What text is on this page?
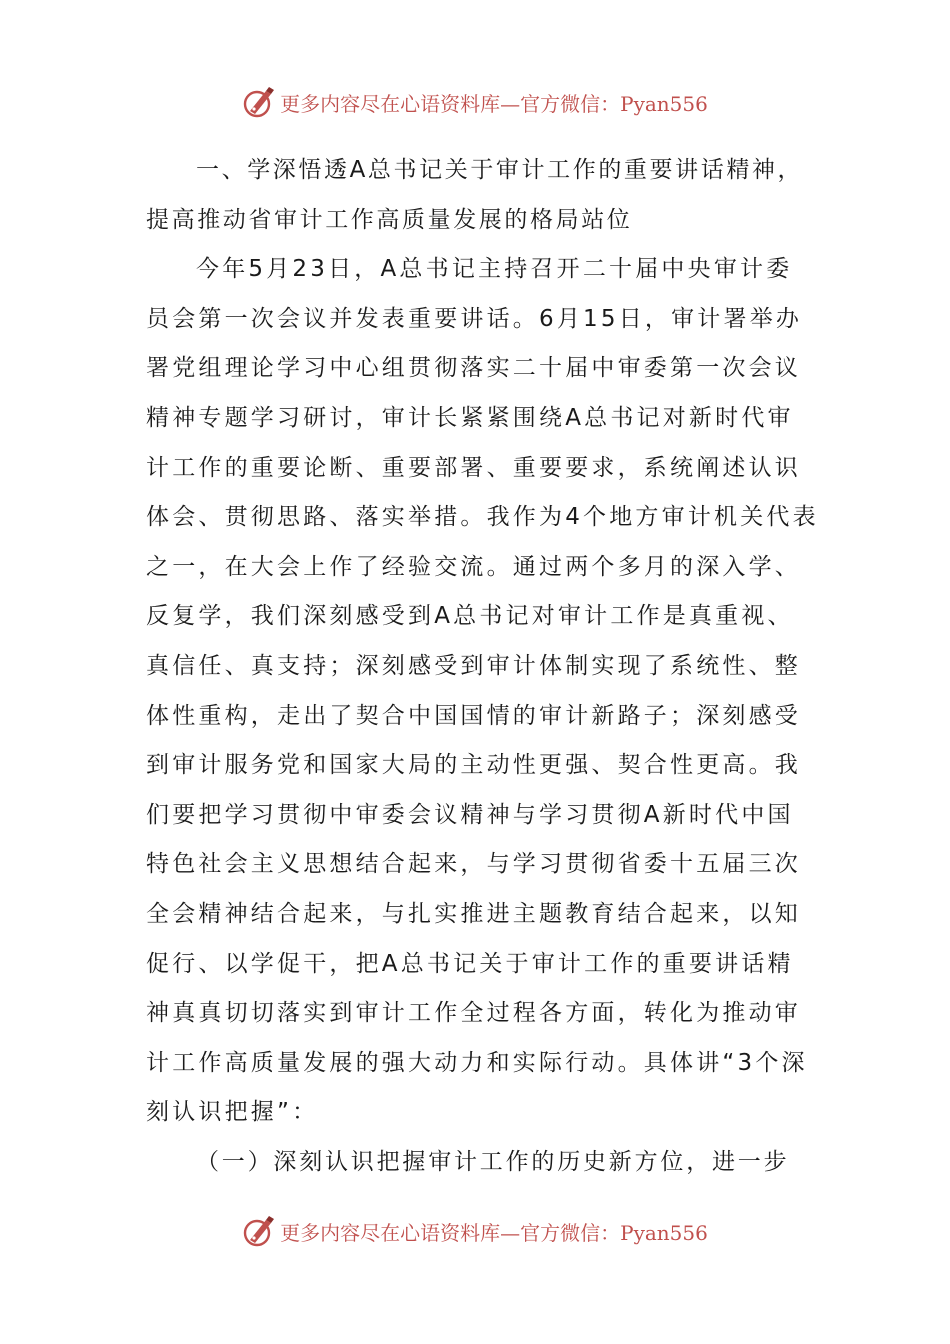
更多内容尽在心语资料库—官方微信：Pyan556
一、学深悟透A总书记关于审计工作的重要讲话精神，
提高推动省审计工作高质量发展的格局站位
今年5月23日，A总书记主持召开二十届中央审计委
员会第一次会议并发表重要讲话。6月15日，审计署举办
署党组理论学习中心组贯彻落实二十届中审委第一次会议
精神专题学习研讨，审计长紧紧围绕A总书记对新时代审
计工作的重要论断、重要部署、重要要求，系统阐述认识
体会、贯彻思路、落实举措。我作为4个地方审计机关代表
之一，在大会上作了经验交流。通过两个多月的深入学、
反复学，我们深刻感受到A总书记对审计工作是真重视、
真信任、真支持；深刻感受到审计体制实现了系统性、整
体性重构，走出了契合中国国情的审计新路子；深刻感受
到审计服务党和国家大局的主动性更强、契合性更高。我
们要把学习贯彻中审委会议精神与学习贯彻A新时代中国
特色社会主义思想结合起来，与学习贯彻省委十五届三次
全会精神结合起来，与扎实推进主题教育结合起来，以知
促行、以学促干，把A总书记关于审计工作的重要讲话精
神真真切切落实到审计工作全过程各方面，转化为推动审
计工作高质量发展的强大动力和实际行动。具体讲“3个深
刻认识把握”：
（一）深刻认识把握审计工作的历史新方位，进一步
更多内容尽在心语资料库—官方微信：Pyan556
